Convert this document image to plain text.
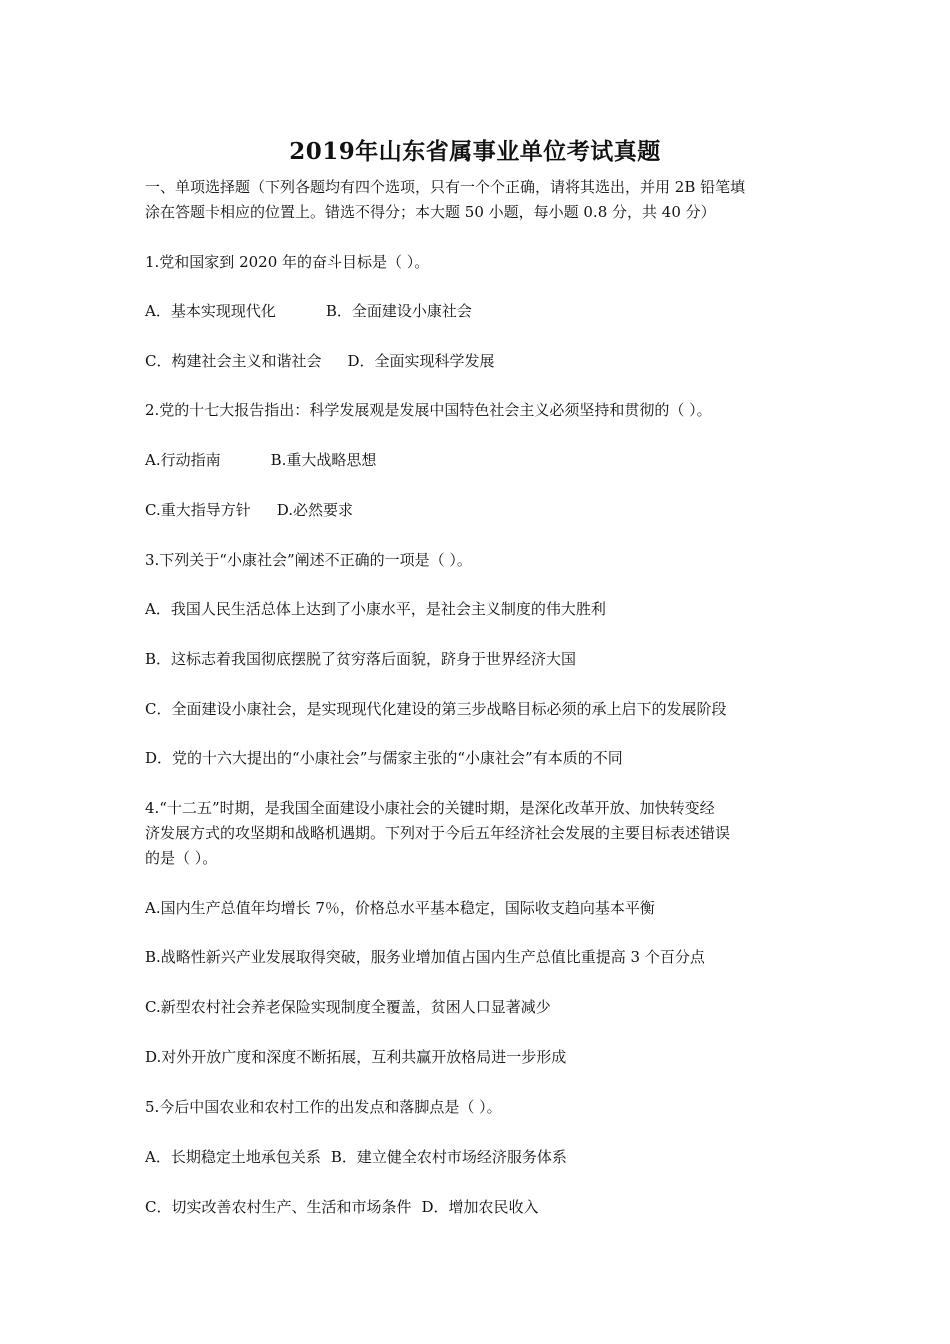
2019年山东省属事业单位考试真题
一、单项选择题（下列各题均有四个选项，只有一个个正确，请将其选出，并用 2B 铅笔填
涂在答题卡相应的位置上。错选不得分；本大题 50 小题，每小题 0.8 分，共 40 分）
1.党和国家到 2020 年的奋斗目标是（ ）。
A．基本实现现代化	B．全面建设小康社会
C．构建社会主义和谐社会 D．全面实现科学发展
2.党的十七大报告指出：科学发展观是发展中国特色社会主义必须坚持和贯彻的（ ）。
A.行动指南	B.重大战略思想
C.重大指导方针 D.必然要求
3.下列关于“小康社会”阐述不正确的一项是（ ）。
A．我国人民生活总体上达到了小康水平，是社会主义制度的伟大胜利
B．这标志着我国彻底摆脱了贫穷落后面貌，跻身于世界经济大国
C．全面建设小康社会，是实现现代化建设的第三步战略目标必须的承上启下的发展阶段
D．党的十六大提出的“小康社会”与儒家主张的“小康社会”有本质的不同
4.“十二五”时期，是我国全面建设小康社会的关键时期，是深化改革开放、加快转变经
济发展方式的攻坚期和战略机遇期。下列对于今后五年经济社会发展的主要目标表述错误
的是（ ）。
A.国内生产总值年均增长 7％，价格总水平基本稳定，国际收支趋向基本平衡
B.战略性新兴产业发展取得突破，服务业增加值占国内生产总值比重提高 3 个百分点
C.新型农村社会养老保险实现制度全覆盖，贫困人口显著减少
D.对外开放广度和深度不断拓展，互利共赢开放格局进一步形成
5.今后中国农业和农村工作的出发点和落脚点是（ ）。
A．长期稳定土地承包关系 B．建立健全农村市场经济服务体系
C．切实改善农村生产、生活和市场条件 D．增加农民收入
